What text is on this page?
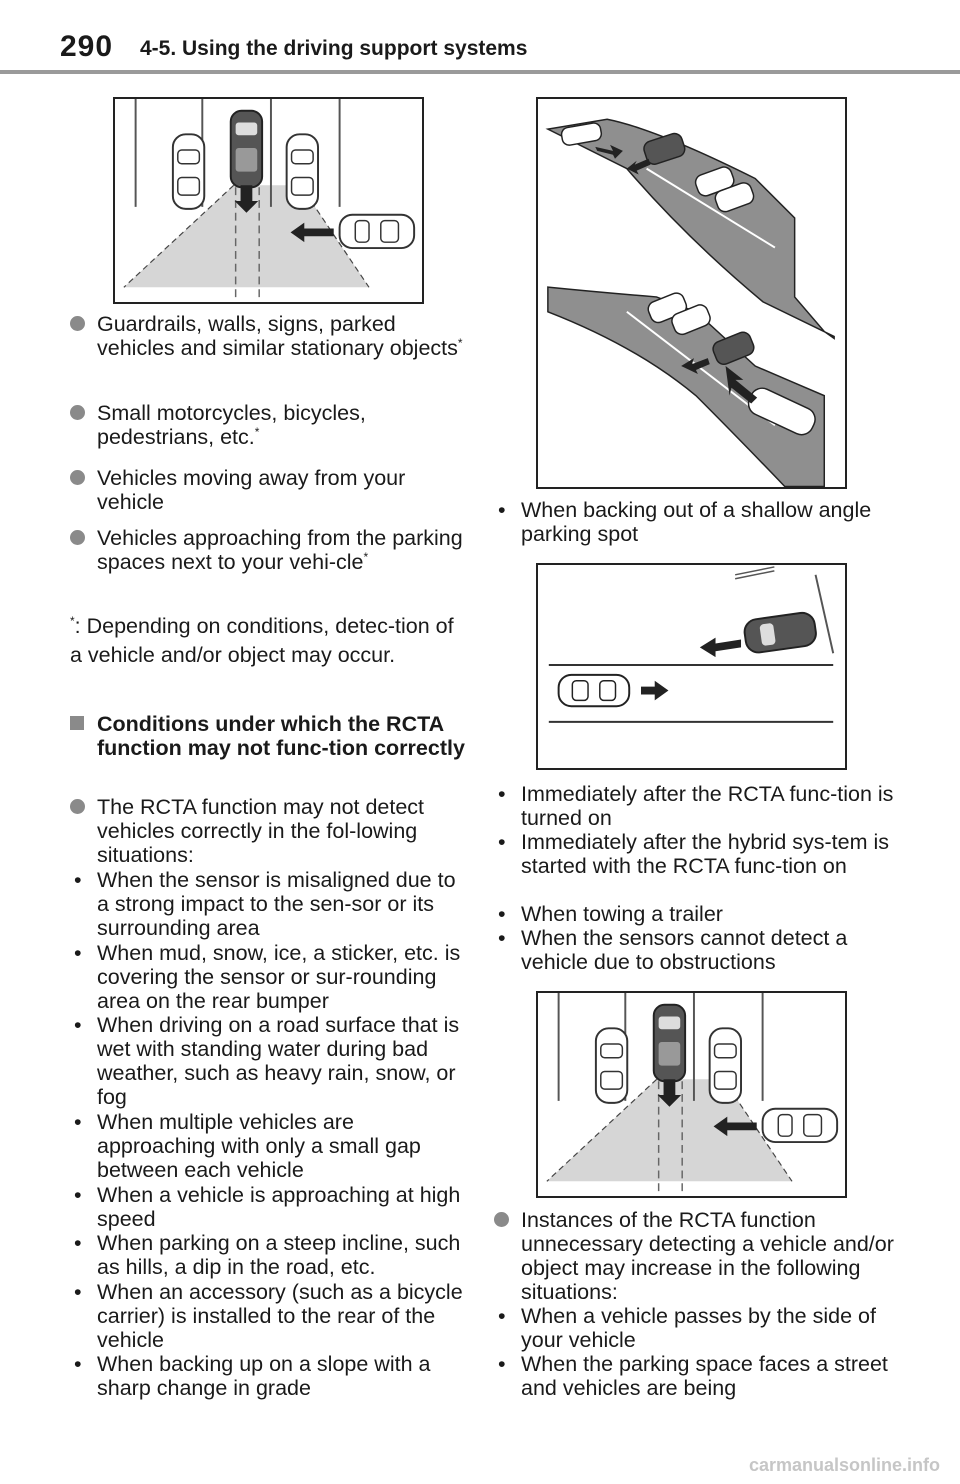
290 4-5. Using the driving support systems
Guardrails, walls, signs, parked vehicles and similar stationary objects*
Small motorcycles, bicycles, pedestrians, etc.*
Vehicles moving away from your vehicle
Vehicles approaching from the parking spaces next to your vehi-cle*
*: Depending on conditions, detec-tion of a vehicle and/or object may occur.
Conditions under which the RCTA function may not func-tion correctly
The RCTA function may not detect vehicles correctly in the fol-lowing situations:
• When the sensor is misaligned due to a strong impact to the sen-sor or its surrounding area
• When mud, snow, ice, a sticker, etc. is covering the sensor or sur-rounding area on the rear bumper
• When driving on a road surface that is wet with standing water during bad weather, such as heavy rain, snow, or fog
• When multiple vehicles are approaching with only a small gap between each vehicle
• When a vehicle is approaching at high speed
• When parking on a steep incline, such as hills, a dip in the road, etc.
• When an accessory (such as a bicycle carrier) is installed to the rear of the vehicle
• When backing up on a slope with a sharp change in grade
• When backing out of a shallow angle parking spot
• Immediately after the RCTA func-tion is turned on
• Immediately after the hybrid sys-tem is started with the RCTA func-tion on
• When towing a trailer
• When the sensors cannot detect a vehicle due to obstructions
Instances of the RCTA function unnecessary detecting a vehicle and/or object may increase in the following situations:
• When a vehicle passes by the side of your vehicle
• When the parking space faces a street and vehicles are being
carmanualsonline.info
